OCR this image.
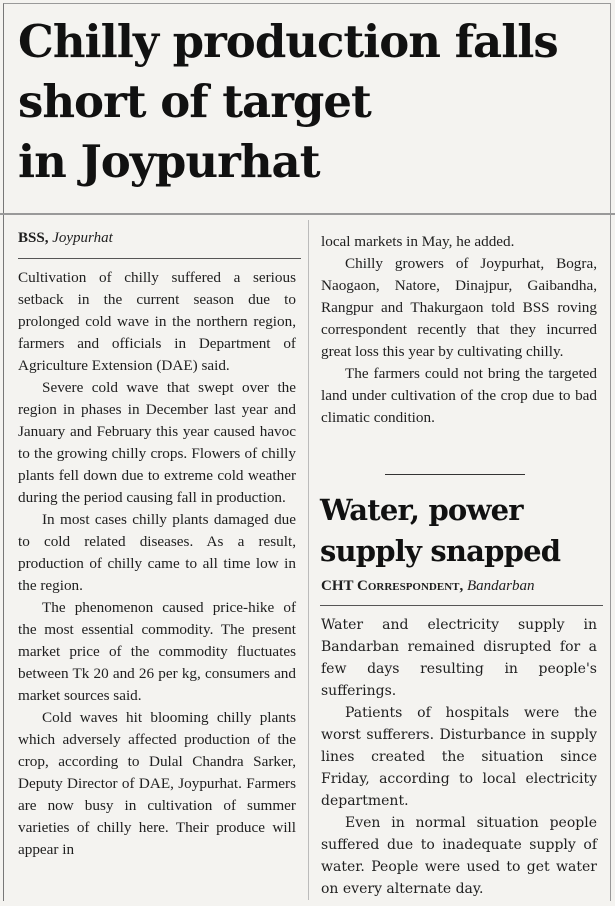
Chilly production falls
short of target
in Joypurhat
BSS, Joypurhat

Cultivation of chilly suffered a serious setback in the current season due to prolonged cold wave in the northern region, farmers and officials in Department of Agriculture Extension (DAE) said.

Severe cold wave that swept over the region in phases in December last year and January and February this year caused havoc to the growing chilly crops. Flowers of chilly plants fell down due to extreme cold weather during the period causing fall in production.

In most cases chilly plants damaged due to cold related diseases. As a result, production of chilly came to all time low in the region.

The phenomenon caused price-hike of the most essential commodity. The present market price of the commodity fluctuates between Tk 20 and 26 per kg, consumers and market sources said.

Cold waves hit blooming chilly plants which adversely affected production of the crop, according to Dulal Chandra Sarker, Deputy Director of DAE, Joypurhat. Farmers are now busy in cultivation of summer varieties of chilly here. Their produce will appear in

local markets in May, he added.

Chilly growers of Joypurhat, Bogra, Naogaon, Natore, Dinajpur, Gaibandha, Rangpur and Thakurgaon told BSS roving correspondent recently that they incurred great loss this year by cultivating chilly.

The farmers could not bring the targeted land under cultivation of the crop due to bad climatic condition.

Water, power
supply snapped
CHT Correspondent, Bandarban

Water and electricity supply in Bandarban remained disrupted for a few days resulting in people's sufferings.

Patients of hospitals were the worst sufferers. Disturbance in supply lines created the situation since Friday, according to local electricity department.

Even in normal situation people suffered due to inadequate supply of water. People were used to get water on every alternate day.
